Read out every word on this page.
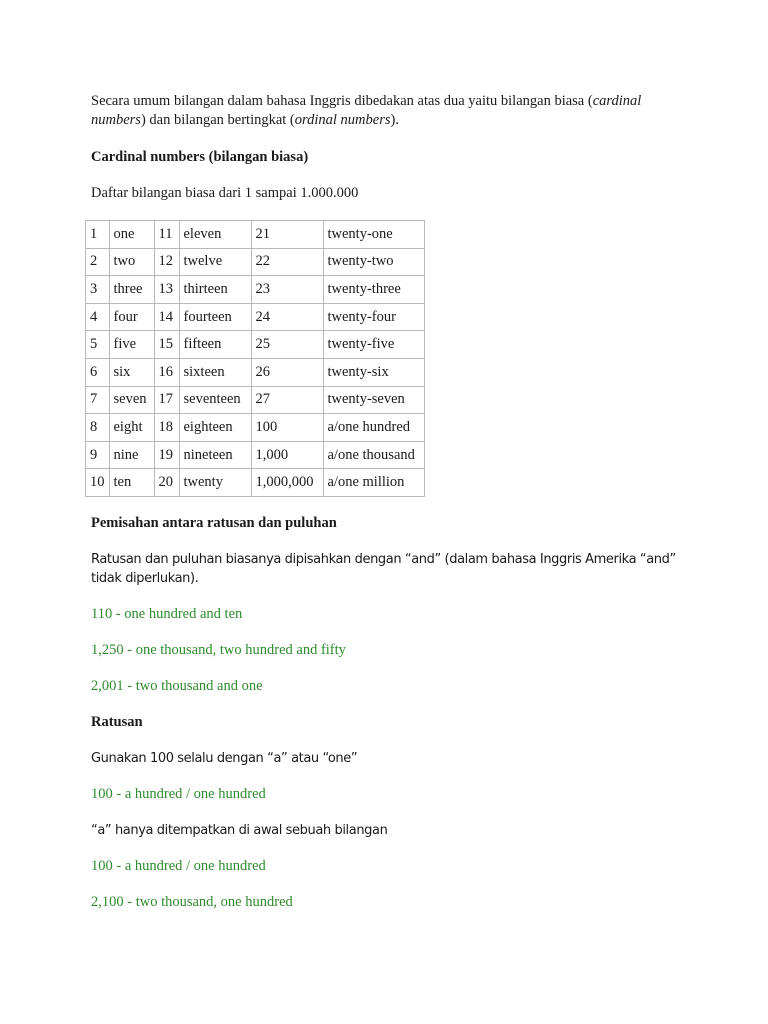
Secara umum bilangan dalam bahasa Inggris dibedakan atas dua yaitu bilangan biasa (cardinal numbers) dan bilangan bertingkat (ordinal numbers).

Cardinal numbers (bilangan biasa)

Daftar bilangan biasa dari 1 sampai 1.000.000

1	one	11	eleven	21	twenty-one
2	two	12	twelve	22	twenty-two
3	three	13	thirteen	23	twenty-three
4	four	14	fourteen	24	twenty-four
5	five	15	fifteen	25	twenty-five
6	six	16	sixteen	26	twenty-six
7	seven	17	seventeen	27	twenty-seven
8	eight	18	eighteen	100	a/one hundred
9	nine	19	nineteen	1,000	a/one thousand
10	ten	20	twenty	1,000,000	a/one million

Pemisahan antara ratusan dan puluhan

Ratusan dan puluhan biasanya dipisahkan dengan “and” (dalam bahasa Inggris Amerika “and” tidak diperlukan).

110 - one hundred and ten

1,250 - one thousand, two hundred and fifty

2,001 - two thousand and one

Ratusan

Gunakan 100 selalu dengan “a” atau “one”

100 - a hundred / one hundred

“a” hanya ditempatkan di awal sebuah bilangan

100 - a hundred / one hundred

2,100 - two thousand, one hundred
